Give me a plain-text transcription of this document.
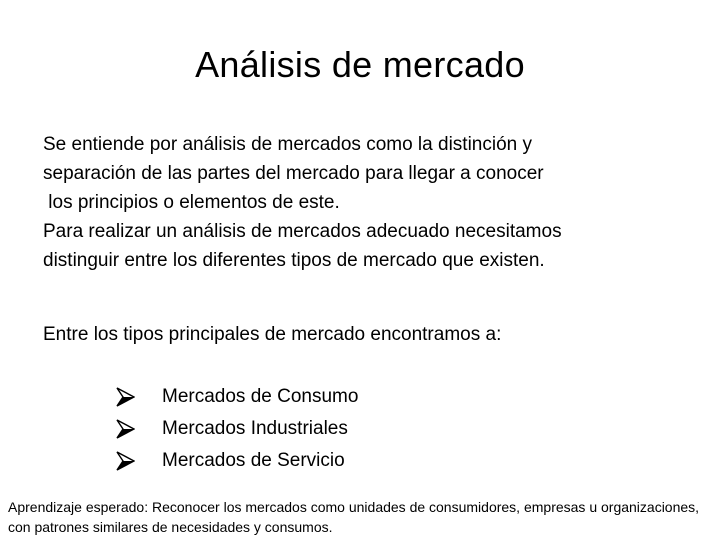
Análisis de mercado
Se entiende por análisis de mercados como la distinción y
separación de las partes del mercado para llegar a conocer
los principios o elementos de este.
Para realizar un análisis de mercados adecuado necesitamos
distinguir entre los diferentes tipos de mercado que existen.
Entre los tipos principales de mercado encontramos a:
Mercados de Consumo
Mercados Industriales
Mercados de Servicio
Aprendizaje esperado: Reconocer los mercados como unidades de consumidores, empresas u organizaciones, con patrones similares de necesidades y consumos.
